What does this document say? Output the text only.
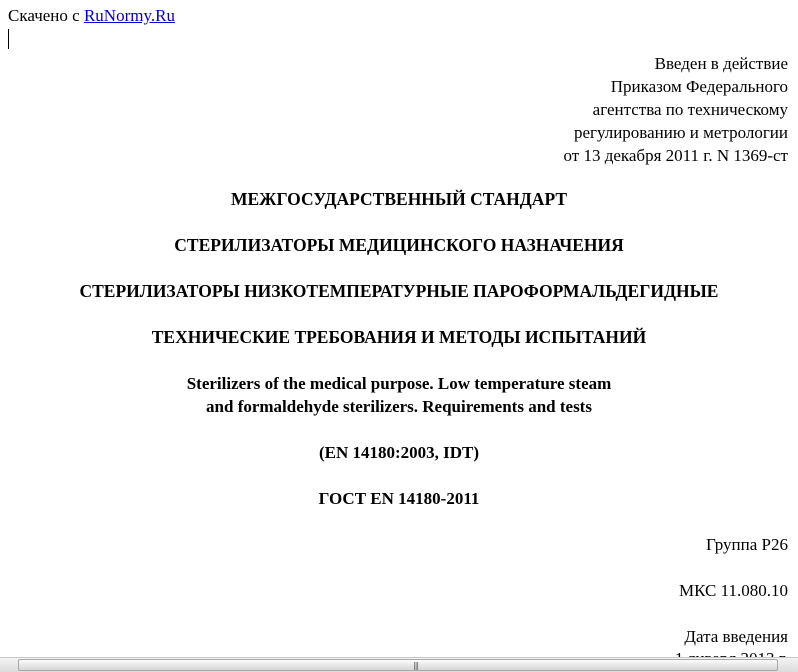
Скачено с RuNormy.Ru
Введен в действие
Приказом Федерального
агентства по техническому
регулированию и метрологии
от 13 декабря 2011 г. N 1369-ст
МЕЖГОСУДАРСТВЕННЫЙ СТАНДАРТ
СТЕРИЛИЗАТОРЫ МЕДИЦИНСКОГО НАЗНАЧЕНИЯ
СТЕРИЛИЗАТОРЫ НИЗКОТЕМПЕРАТУРНЫЕ ПАРОФОРМАЛЬДЕГИДНЫЕ
ТЕХНИЧЕСКИЕ ТРЕБОВАНИЯ И МЕТОДЫ ИСПЫТАНИЙ
Sterilizers of the medical purpose. Low temperature steam
and formaldehyde sterilizers. Requirements and tests
(EN 14180:2003, IDT)
ГОСТ EN 14180-2011
Группа Р26
МКС 11.080.10
Дата введения
|||
